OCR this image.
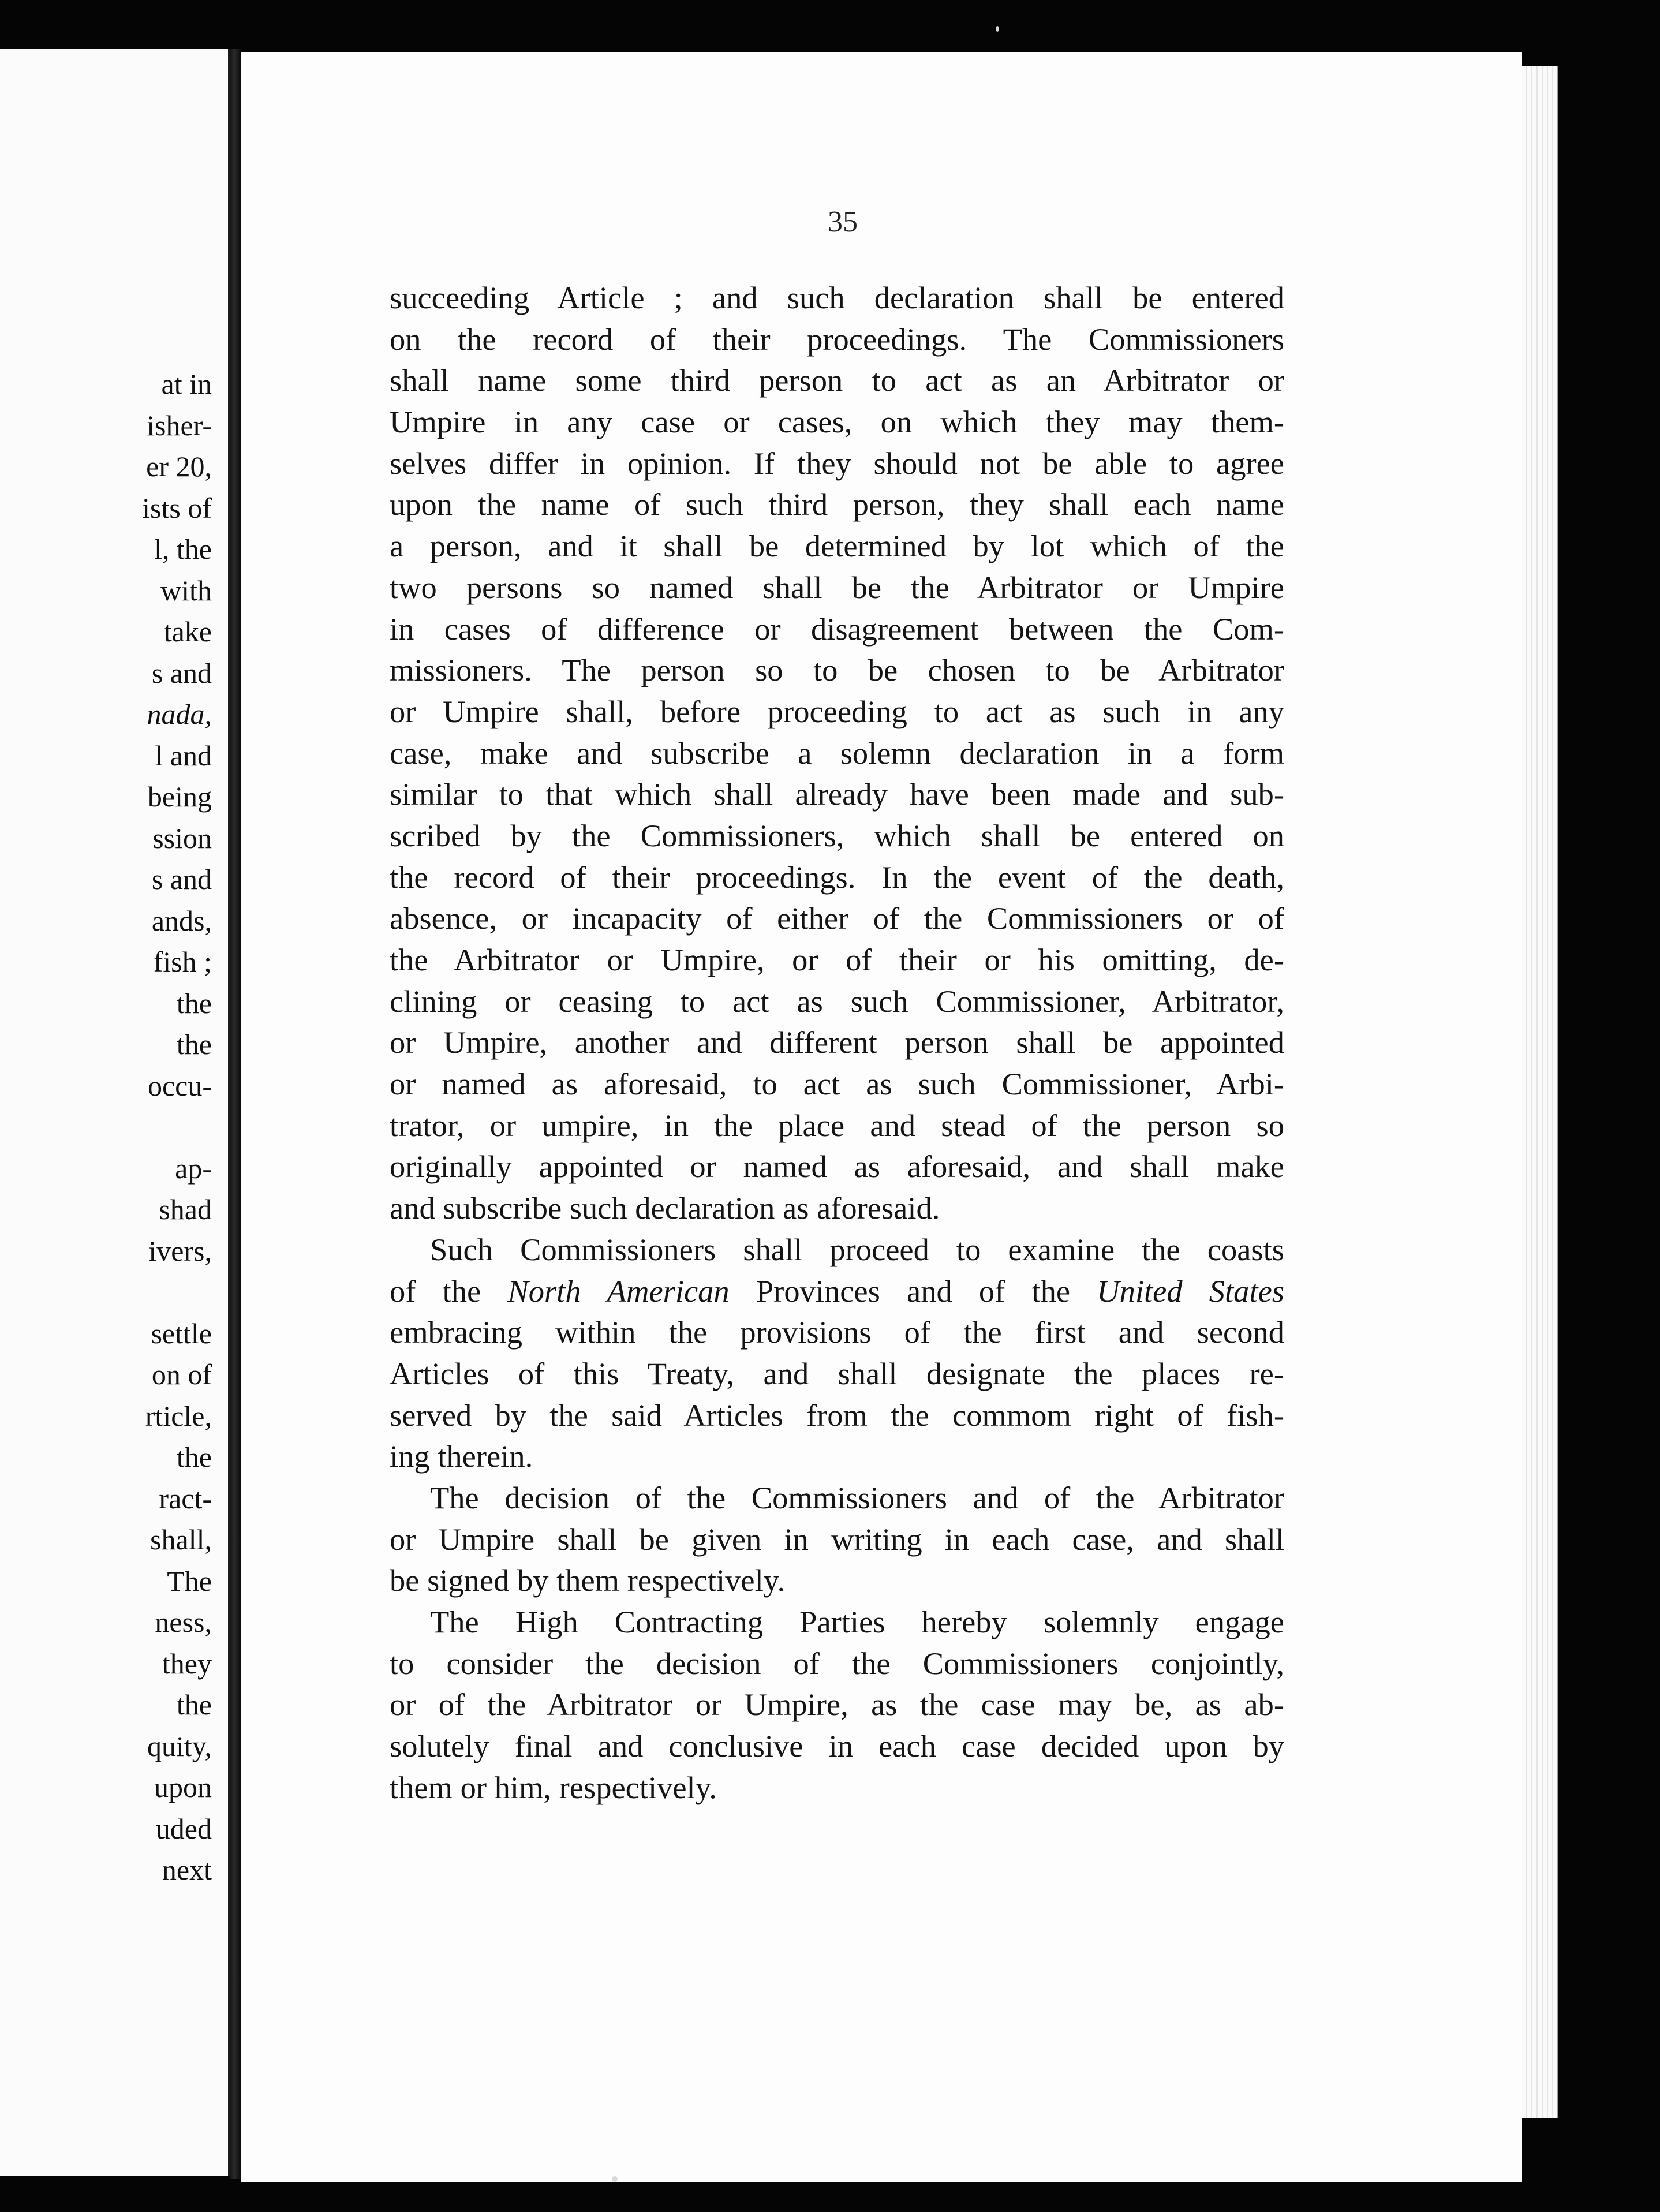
at in
isher-
er 20,
ists of
l, the
with
take
s and
nada,
l and
being
ssion
s and
ands,
fish ;
the
the
occu-
ap-
shad
ivers,
settle
on of
rticle,
the
ract-
shall,
The
ness,
they
the
quity,
upon
uded
next
35
succeeding Article ; and such declaration shall be entered
on the record of their proceedings. The Commissioners
shall name some third person to act as an Arbitrator or
Umpire in any case or cases, on which they may them-
selves differ in opinion. If they should not be able to agree
upon the name of such third person, they shall each name
a person, and it shall be determined by lot which of the
two persons so named shall be the Arbitrator or Umpire
in cases of difference or disagreement between the Com-
missioners. The person so to be chosen to be Arbitrator
or Umpire shall, before proceeding to act as such in any
case, make and subscribe a solemn declaration in a form
similar to that which shall already have been made and sub-
scribed by the Commissioners, which shall be entered on
the record of their proceedings. In the event of the death,
absence, or incapacity of either of the Commissioners or of
the Arbitrator or Umpire, or of their or his omitting, de-
clining or ceasing to act as such Commissioner, Arbitrator,
or Umpire, another and different person shall be appointed
or named as aforesaid, to act as such Commissioner, Arbi-
trator, or umpire, in the place and stead of the person so
originally appointed or named as aforesaid, and shall make
and subscribe such declaration as aforesaid.
Such Commissioners shall proceed to examine the coasts
of the North American Provinces and of the United States
embracing within the provisions of the first and second
Articles of this Treaty, and shall designate the places re-
served by the said Articles from the commom right of fish-
ing therein.
The decision of the Commissioners and of the Arbitrator
or Umpire shall be given in writing in each case, and shall
be signed by them respectively.
The High Contracting Parties hereby solemnly engage
to consider the decision of the Commissioners conjointly,
or of the Arbitrator or Umpire, as the case may be, as ab-
solutely final and conclusive in each case decided upon by
them or him, respectively.
